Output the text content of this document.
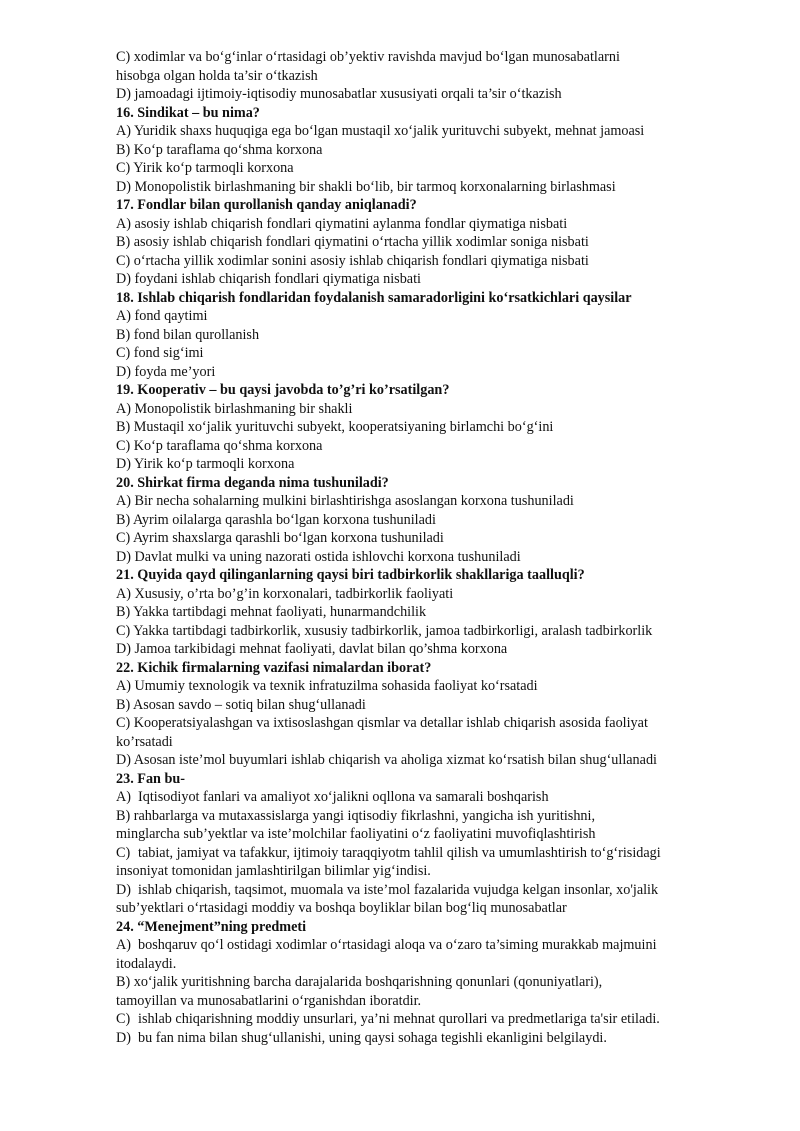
C) xodimlar va bo‘g‘inlar o‘rtasidagi ob’yektiv ravishda mavjud bo‘lgan munosabatlarni

hisobga olgan holda ta’sir o‘tkazish

D) jamoadagi ijtimoiy-iqtisodiy munosabatlar xususiyati orqali ta’sir o‘tkazish

16. Sindikat – bu nima?

A) Yuridik shaxs huquqiga ega bo‘lgan mustaqil xo‘jalik yurituvchi subyekt, mehnat jamoasi

B) Ko‘p taraflama qo‘shma korxona

C) Yirik ko‘p tarmoqli korxona

D) Monopolistik birlashmaning bir shakli bo‘lib, bir tarmoq korxonalarning birlashmasi

17. Fondlar bilan qurollanish qanday aniqlanadi?

A) asosiy ishlab chiqarish fondlari qiymatini aylanma fondlar qiymatiga nisbati

B) asosiy ishlab chiqarish fondlari qiymatini o‘rtacha yillik xodimlar soniga nisbati

C) o‘rtacha yillik xodimlar sonini asosiy ishlab chiqarish fondlari qiymatiga nisbati

D) foydani ishlab chiqarish fondlari qiymatiga nisbati

18. Ishlab chiqarish fondlaridan foydalanish samaradorligini ko‘rsatkichlari qaysilar

A) fond qaytimi

B) fond bilan qurollanish

C) fond sig‘imi

D) foyda me’yori

19. Kooperativ – bu qaysi javobda to’g’ri ko’rsatilgan?

A) Monopolistik birlashmaning bir shakli

B) Mustaqil xo‘jalik yurituvchi subyekt, kooperatsiyaning birlamchi bo‘g‘ini

C) Ko‘p taraflama qo‘shma korxona

D) Yirik ko‘p tarmoqli korxona

20. Shirkat firma deganda nima tushuniladi?

A) Bir necha sohalarning mulkini birlashtirishga asoslangan korxona tushuniladi

B) Ayrim oilalarga qarashla bo‘lgan korxona tushuniladi

C) Ayrim shaxslarga qarashli bo‘lgan korxona tushuniladi

D) Davlat mulki va uning nazorati ostida ishlovchi korxona tushuniladi

21. Quyida qayd qilinganlarning qaysi biri tadbirkorlik shakllariga taalluqli?

A) Xususiy, o’rta bo’g’in korxonalari, tadbirkorlik faoliyati

B) Yakka tartibdagi mehnat faoliyati, hunarmandchilik

C) Yakka tartibdagi tadbirkorlik, xususiy tadbirkorlik, jamoa tadbirkorligi, aralash tadbirkorlik

D) Jamoa tarkibidagi mehnat faoliyati, davlat bilan qo’shma korxona

22. Kichik firmalarning vazifasi nimalardan iborat?

A) Umumiy texnologik va texnik infratuzilma sohasida faoliyat ko‘rsatadi

B) Asosan savdo – sotiq bilan shug‘ullanadi

C) Kooperatsiyalashgan va ixtisoslashgan qismlar va detallar ishlab chiqarish asosida faoliyat

ko’rsatadi

D) Asosan iste’mol buyumlari ishlab chiqarish va aholiga xizmat ko‘rsatish bilan shug‘ullanadi

23. Fan bu-

A) Iqtisodiyot fanlari va amaliyot xo‘jalikni oqllona va samarali boshqarish

B) rahbarlarga va mutaxassislarga yangi iqtisodiy fikrlashni, yangicha ish yuritishni,

minglarcha sub’yektlar va iste’molchilar faoliyatini o‘z faoliyatini muvofiqlashtirish

C) tabiat, jamiyat va tafakkur, ijtimoiy taraqqiyotm tahlil qilish va umumlashtirish to‘g‘risidagi

insoniyat tomonidan jamlashtirilgan bilimlar yig‘indisi.

D) ishlab chiqarish, taqsimot, muomala va iste’mol fazalarida vujudga kelgan insonlar, xo'jalik

sub’yektlari o‘rtasidagi moddiy va boshqa boyliklar bilan bog‘liq munosabatlar

24. “Menejment”ning predmeti

A) boshqaruv qo‘l ostidagi xodimlar o‘rtasidagi aloqa va o‘zaro ta’siming murakkab majmuini

itodalaydi.

B) xo‘jalik yuritishning barcha darajalarida boshqarishning qonunlari (qonuniyatlari),

tamoyillan va munosabatlarini o‘rganishdan iboratdir.

C) ishlab chiqarishning moddiy unsurlari, ya’ni mehnat qurollari va predmetlariga ta'sir etiladi.

D) bu fan nima bilan shug‘ullanishi, uning qaysi sohaga tegishli ekanligini belgilaydi.
